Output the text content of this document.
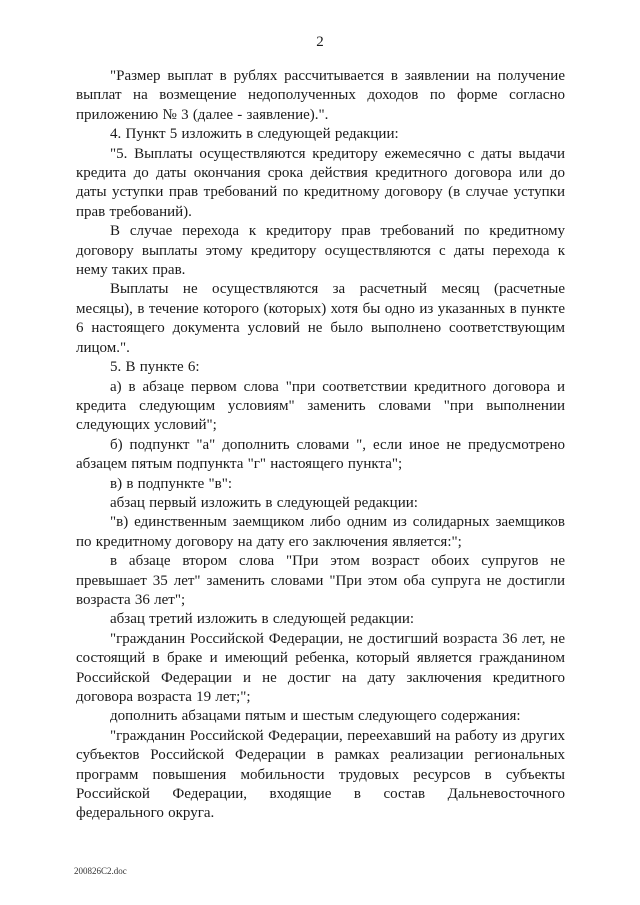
2

"Размер выплат в рублях рассчитывается в заявлении на получение выплат на возмещение недополученных доходов по форме согласно приложению № 3 (далее - заявление).".

4. Пункт 5 изложить в следующей редакции:

"5. Выплаты осуществляются кредитору ежемесячно с даты выдачи кредита до даты окончания срока действия кредитного договора или до даты уступки прав требований по кредитному договору (в случае уступки прав требований).

В случае перехода к кредитору прав требований по кредитному договору выплаты этому кредитору осуществляются с даты перехода к нему таких прав.

Выплаты не осуществляются за расчетный месяц (расчетные месяцы), в течение которого (которых) хотя бы одно из указанных в пункте 6 настоящего документа условий не было выполнено соответствующим лицом.".

5. В пункте 6:

а) в абзаце первом слова "при соответствии кредитного договора и кредита следующим условиям" заменить словами "при выполнении следующих условий";

б) подпункт "а" дополнить словами ", если иное не предусмотрено абзацем пятым подпункта "г" настоящего пункта";

в) в подпункте "в":

абзац первый изложить в следующей редакции:

"в) единственным заемщиком либо одним из солидарных заемщиков по кредитному договору на дату его заключения является:";

в абзаце втором слова "При этом возраст обоих супругов не превышает 35 лет" заменить словами "При этом оба супруга не достигли возраста 36 лет";

абзац третий изложить в следующей редакции:

"гражданин Российской Федерации, не достигший возраста 36 лет, не состоящий в браке и имеющий ребенка, который является гражданином Российской Федерации и не достиг на дату заключения кредитного договора возраста 19 лет;";

дополнить абзацами пятым и шестым следующего содержания:

"гражданин Российской Федерации, переехавший на работу из других субъектов Российской Федерации в рамках реализации региональных программ повышения мобильности трудовых ресурсов в субъекты Российской Федерации, входящие в состав Дальневосточного федерального округа.

200826C2.doc
